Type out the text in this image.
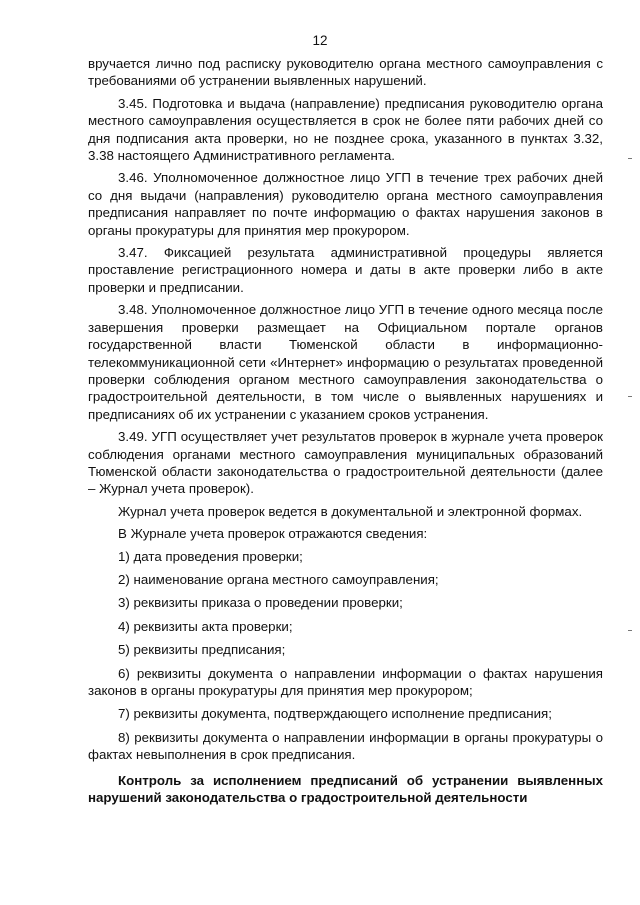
12

вручается лично под расписку руководителю органа местного самоуправления с требованиями об устранении выявленных нарушений.

3.45. Подготовка и выдача (направление) предписания руководителю органа местного самоуправления осуществляется в срок не более пяти рабочих дней со дня подписания акта проверки, но не позднее срока, указанного в пунктах 3.32, 3.38 настоящего Административного регламента.

3.46. Уполномоченное должностное лицо УГП в течение трех рабочих дней со дня выдачи (направления) руководителю органа местного самоуправления предписания направляет по почте информацию о фактах нарушения законов в органы прокуратуры для принятия мер прокурором.

3.47. Фиксацией результата административной процедуры является проставление регистрационного номера и даты в акте проверки либо в акте проверки и предписании.

3.48. Уполномоченное должностное лицо УГП в течение одного месяца после завершения проверки размещает на Официальном портале органов государственной власти Тюменской области в информационно-телекоммуникационной сети «Интернет» информацию о результатах проведенной проверки соблюдения органом местного самоуправления законодательства о градостроительной деятельности, в том числе о выявленных нарушениях и предписаниях об их устранении с указанием сроков устранения.

3.49. УГП осуществляет учет результатов проверок в журнале учета проверок соблюдения органами местного самоуправления муниципальных образований Тюменской области законодательства о градостроительной деятельности (далее – Журнал учета проверок).

Журнал учета проверок ведется в документальной и электронной формах.

В Журнале учета проверок отражаются сведения:

1) дата проведения проверки;

2) наименование органа местного самоуправления;

3) реквизиты приказа о проведении проверки;

4) реквизиты акта проверки;

5) реквизиты предписания;

6) реквизиты документа о направлении информации о фактах нарушения законов в органы прокуратуры для принятия мер прокурором;

7) реквизиты документа, подтверждающего исполнение предписания;

8) реквизиты документа о направлении информации в органы прокуратуры о фактах невыполнения в срок предписания.

Контроль за исполнением предписаний об устранении выявленных нарушений законодательства о градостроительной деятельности
